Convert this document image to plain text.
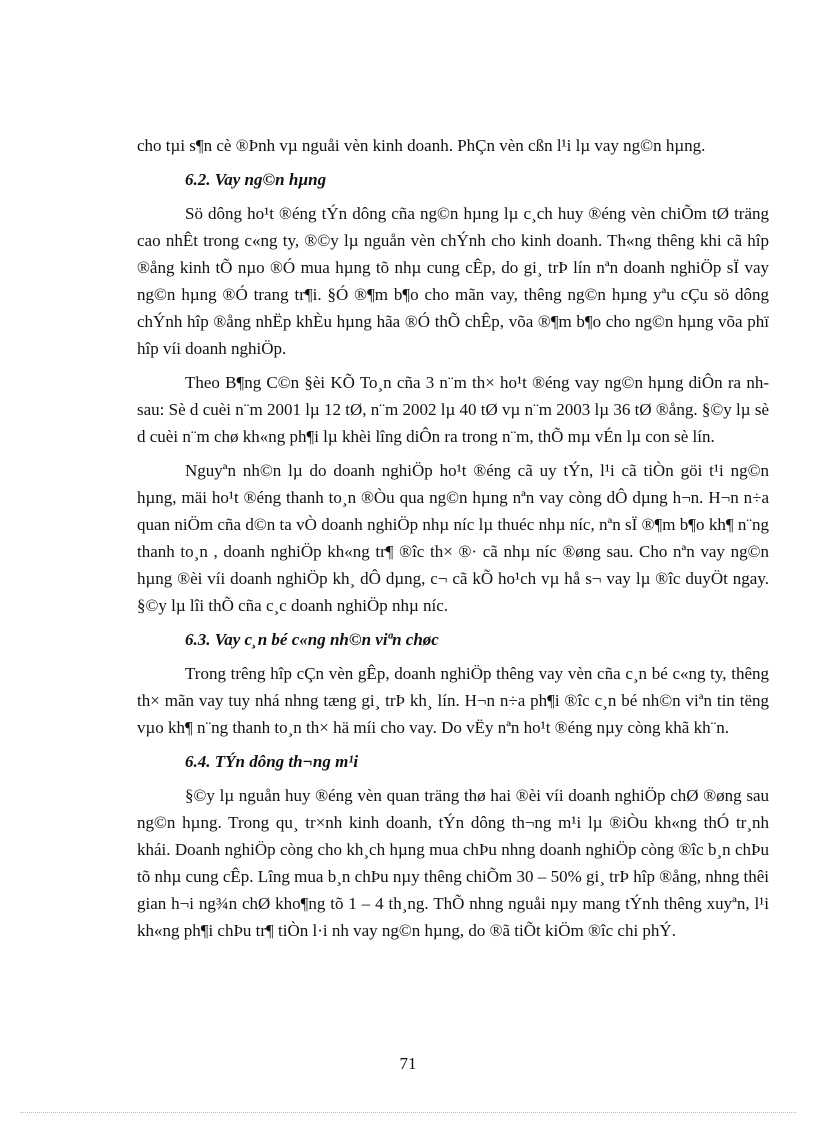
cho tµi s¶n cè ®Þnh vµ nguåi vèn kinh doanh. PhÇn vèn cßn l¹i lµ vay ng©n hµng.

6.2. Vay ng©n hµng

Sö dông ho¹t ®éng tÝn dông cña ng©n hµng lµ c¸ch huy ®éng vèn chiÕm tØ träng cao nhÊt trong c«ng ty, ®©y lµ nguån vèn chÝnh cho kinh doanh. Th«ng thêng khi cã hîp ®ång kinh tÕ nµo ®Ó mua hµng tõ nhµ cung cÊp, do gi¸ trÞ lín nªn doanh nghiÖp sÏ vay ng©n hµng ®Ó trang tr¶i. §Ó ®¶m b¶o cho mãn vay, thêng ng©n hµng yªu cÇu sö dông chÝnh hîp ®ång nhËp khÈu hµng hãa ®Ó thÕ chÊp, võa ®¶m b¶o cho ng©n hµng võa phï hîp víi doanh nghiÖp.

Theo B¶ng C©n §èi KÕ To¸n cña 3 n¨m th× ho¹t ®éng vay ng©n hµng diÔn ra nh sau: Sè d cuèi n¨m 2001 lµ 12 tØ, n¨m 2002 lµ 40 tØ vµ n¨m 2003 lµ 36 tØ ®ång. §©y lµ sè d cuèi n¨m chø kh«ng ph¶i lµ khèi lîng diÔn ra trong n¨m, thÕ mµ vÉn lµ con sè lín.

Nguyªn nh©n lµ do doanh nghiÖp ho¹t ®éng cã uy tÝn, l¹i cã tiÒn göi t¹i ng©n hµng, mäi ho¹t ®éng thanh to¸n ®Òu qua ng©n hµng nªn vay còng dÔ dµng h¬n. H¬n n÷a quan niÖm cña d©n ta vÒ doanh nghiÖp nhµ níc lµ thuéc nhµ níc, nªn sÏ ®¶m b¶o kh¶ n¨ng thanh to¸n , doanh nghiÖp kh«ng tr¶ ®îc th× ®· cã nhµ níc ®øng sau. Cho nªn vay ng©n hµng ®èi víi doanh nghiÖp kh¸ dÔ dµng, c¬ cã kÕ ho¹ch vµ hå s¬ vay lµ ®îc duyÖt ngay. §©y lµ lîi thÕ cña c¸c doanh nghiÖp nhµ níc.

6.3. Vay c¸n bé c«ng nh©n viªn chøc

Trong trêng hîp cÇn vèn gÊp, doanh nghiÖp thêng vay vèn cña c¸n bé c«ng ty, thêng th× mãn vay tuy nhá nhng tæng gi¸ trÞ kh¸ lín. H¬n n÷a ph¶i ®îc c¸n bé nh©n viªn tin tëng vµo kh¶ n¨ng thanh to¸n th× hä míi cho vay. Do vËy nªn ho¹t ®éng nµy còng khã kh¨n.

6.4. TÝn dông th¬ng m¹i

§©y lµ nguån huy ®éng vèn quan träng thø hai ®èi víi doanh nghiÖp chØ ®øng sau ng©n hµng. Trong qu¸ tr×nh kinh doanh, tÝn dông th¬ng m¹i lµ ®iÒu kh«ng thÓ tr¸nh khái. Doanh nghiÖp còng cho kh¸ch hµng mua chÞu nhng doanh nghiÖp còng ®îc b¸n chÞu tõ nhµ cung cÊp. Lîng mua b¸n chÞu nµy thêng chiÕm 30 – 50% gi¸ trÞ hîp ®ång, nhng thêi gian h¬i ng¾n chØ kho¶ng tõ 1 – 4 th¸ng. ThÕ nhng nguåi nµy mang tÝnh thêng xuyªn, l¹i kh«ng ph¶i chÞu tr¶ tiÒn l·i nh vay ng©n hµng, do ®ã tiÕt kiÖm ®îc chi phÝ.

71
